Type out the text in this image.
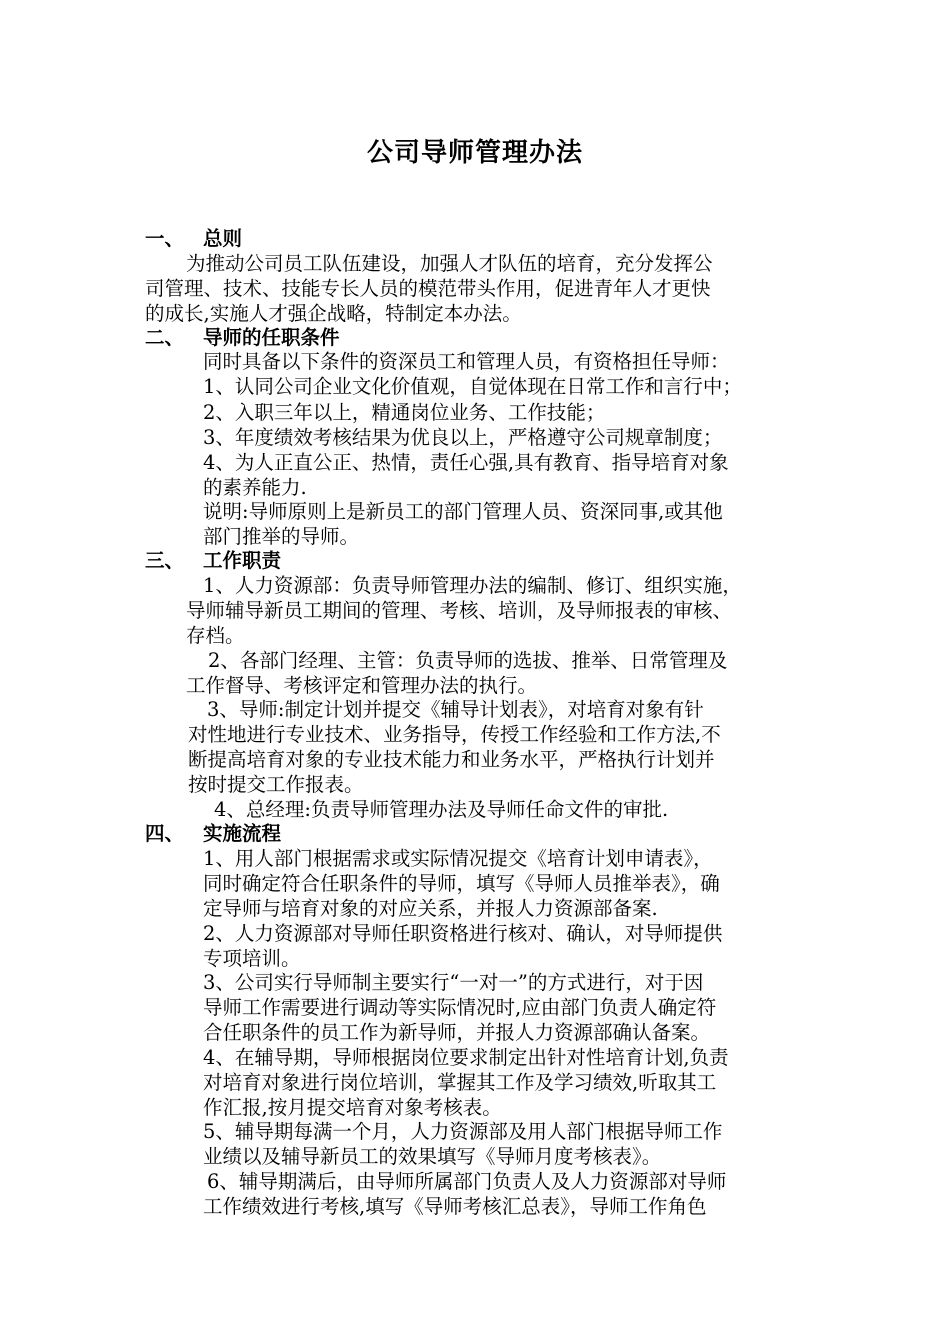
公司导师管理办法
一、 总则
为推动公司员工队伍建设，加强人才队伍的培育，充分发挥公
司管理、技术、技能专长人员的模范带头作用，促进青年人才更快
的成长,实施人才强企战略，特制定本办法。
二、 导师的任职条件
同时具备以下条件的资深员工和管理人员，有资格担任导师：
1、认同公司企业文化价值观，自觉体现在日常工作和言行中；
2、入职三年以上，精通岗位业务、工作技能；
3、年度绩效考核结果为优良以上，严格遵守公司规章制度；
4、为人正直公正、热情，责任心强,具有教育、指导培育对象
的素养能力.
说明:导师原则上是新员工的部门管理人员、资深同事,或其他
部门推举的导师。
三、 工作职责
1、人力资源部：负责导师管理办法的编制、修订、组织实施，
导师辅导新员工期间的管理、考核、培训，及导师报表的审核、
存档。
2、各部门经理、主管：负责导师的选拔、推举、日常管理及
工作督导、考核评定和管理办法的执行。
3、导师:制定计划并提交《辅导计划表》，对培育对象有针
对性地进行专业技术、业务指导，传授工作经验和工作方法,不
断提高培育对象的专业技术能力和业务水平，严格执行计划并
按时提交工作报表。
4、总经理:负责导师管理办法及导师任命文件的审批.
四、 实施流程
1、用人部门根据需求或实际情况提交《培育计划申请表》，
同时确定符合任职条件的导师，填写《导师人员推举表》，确
定导师与培育对象的对应关系，并报人力资源部备案.
2、人力资源部对导师任职资格进行核对、确认，对导师提供
专项培训。
3、公司实行导师制主要实行“一对一”的方式进行，对于因
导师工作需要进行调动等实际情况时,应由部门负责人确定符
合任职条件的员工作为新导师，并报人力资源部确认备案。
4、在辅导期，导师根据岗位要求制定出针对性培育计划,负责
对培育对象进行岗位培训，掌握其工作及学习绩效,听取其工
作汇报,按月提交培育对象考核表。
5、辅导期每满一个月，人力资源部及用人部门根据导师工作
业绩以及辅导新员工的效果填写《导师月度考核表》。
6、辅导期满后，由导师所属部门负责人及人力资源部对导师
工作绩效进行考核,填写《导师考核汇总表》，导师工作角色
